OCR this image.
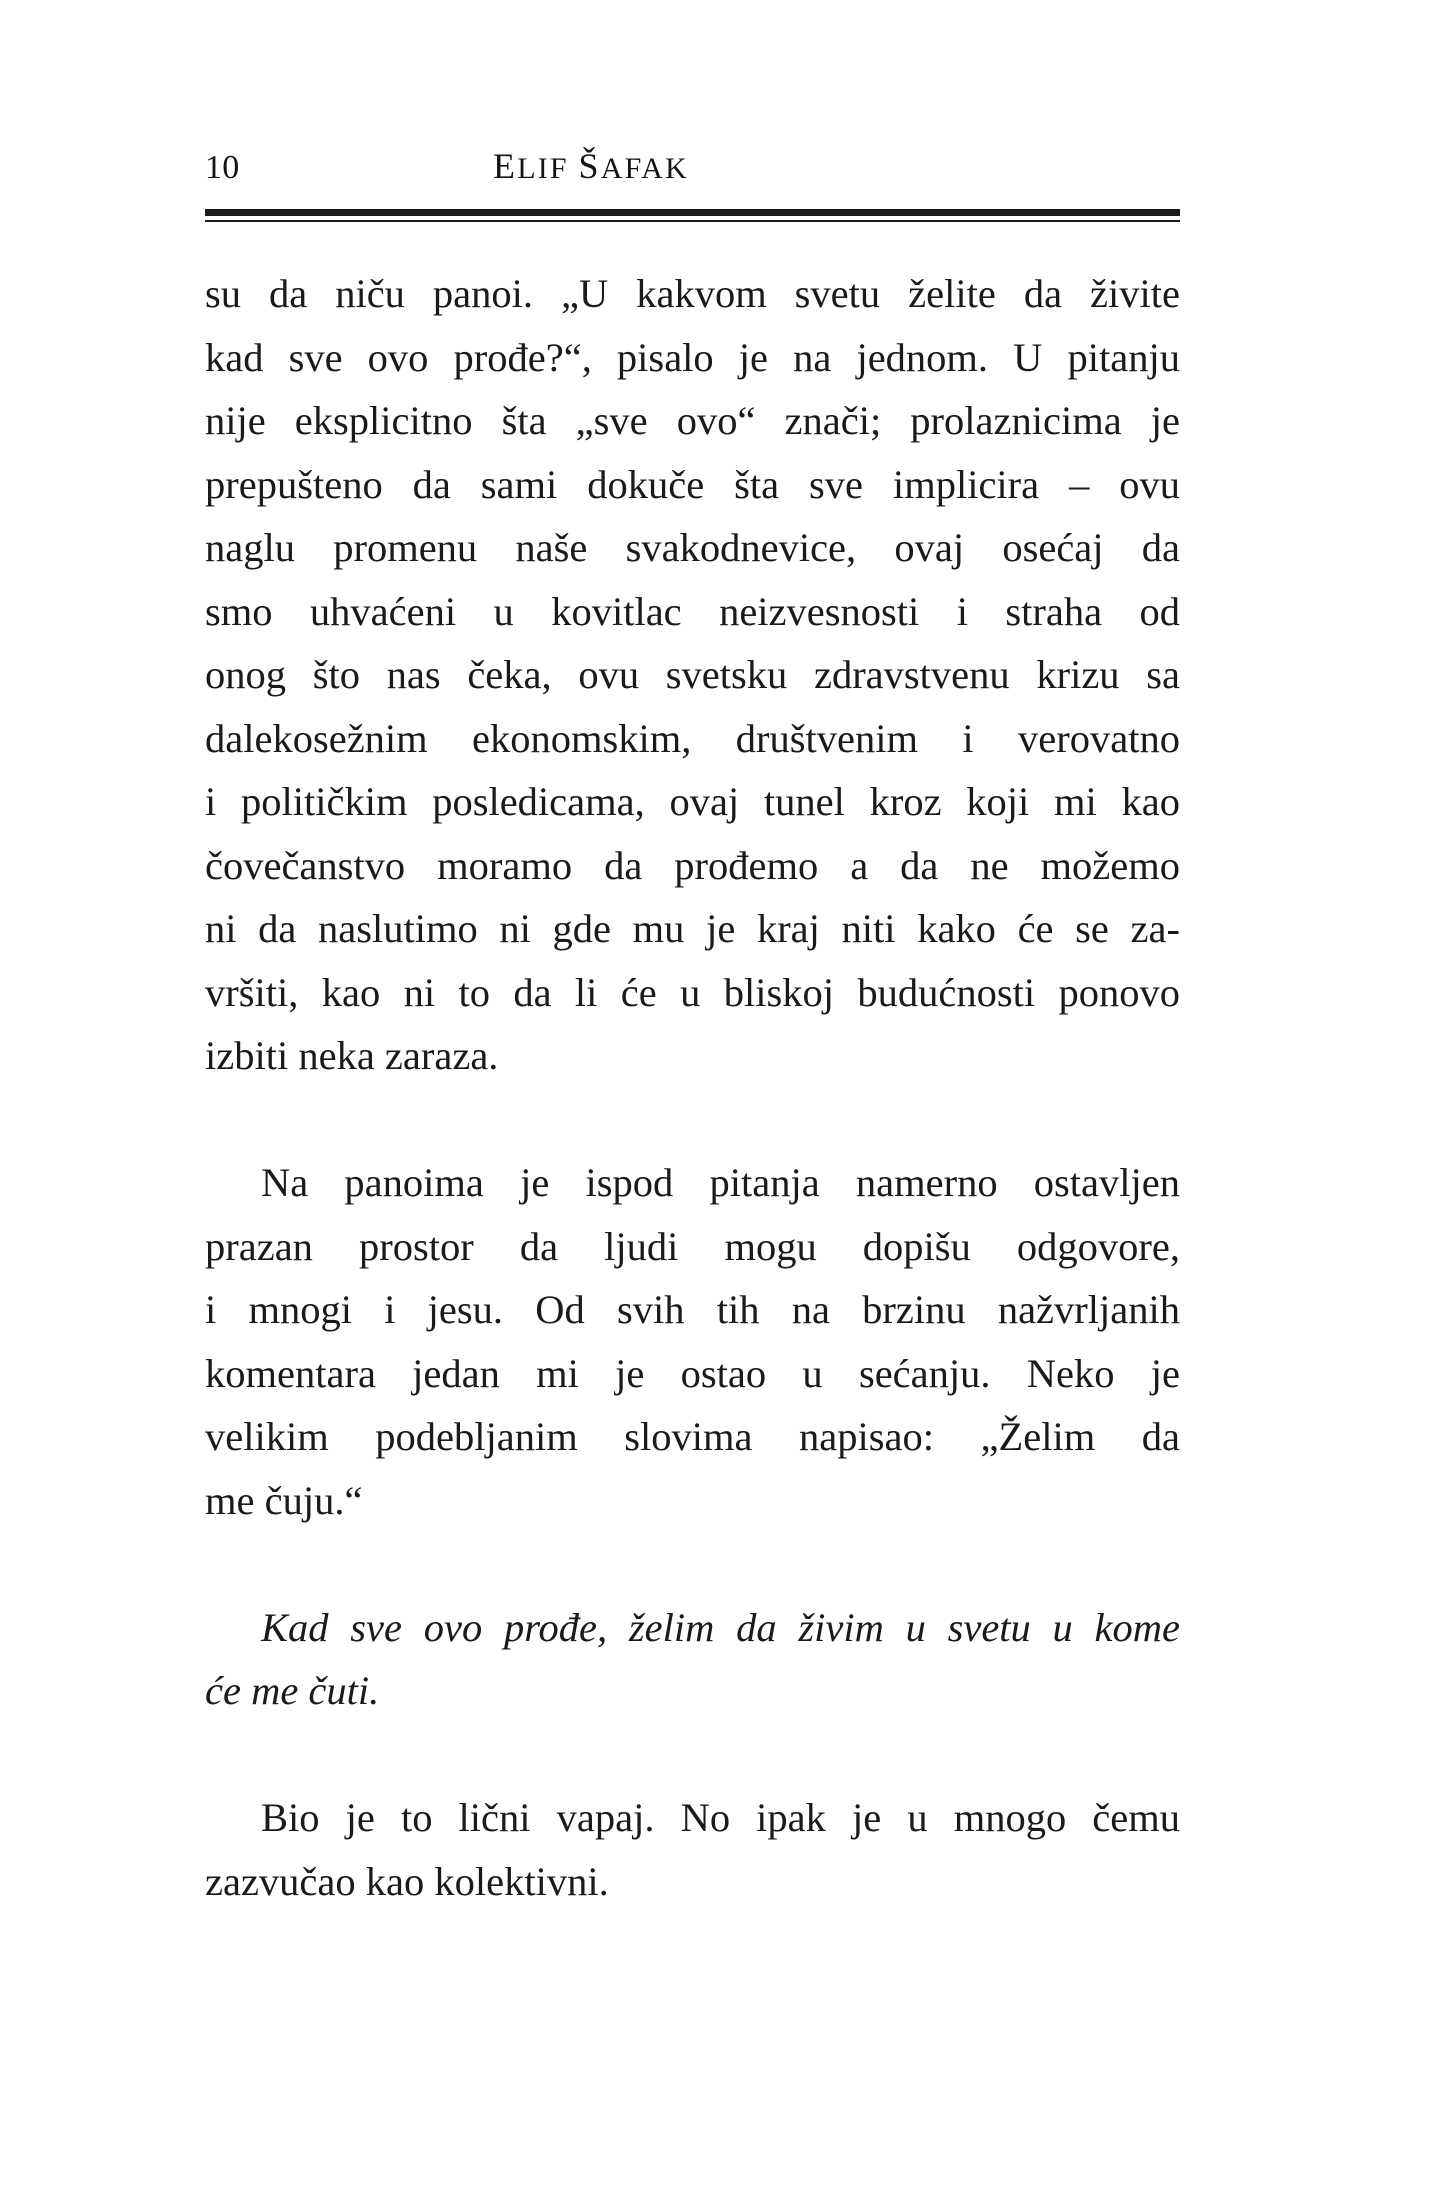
10	ELIF ŠAFAK

su da niču panoi. „U kakvom svetu želite da živite
kad sve ovo prođe?“, pisalo je na jednom. U pitanju
nije eksplicitno šta „sve ovo“ znači; prolaznicima je
prepušteno da sami dokuče šta sve implicira – ovu
naglu promenu naše svakodnevice, ovaj osećaj da
smo uhvaćeni u kovitlac neizvesnosti i straha od
onog što nas čeka, ovu svetsku zdravstvenu krizu sa
dalekosežnim ekonomskim, društvenim i verovatno
i političkim posledicama, ovaj tunel kroz koji mi kao
čovečanstvo moramo da prođemo a da ne možemo
ni da naslutimo ni gde mu je kraj niti kako će se za-
vršiti, kao ni to da li će u bliskoj budućnosti ponovo
izbiti neka zaraza.

Na panoima je ispod pitanja namerno ostavljen
prazan prostor da ljudi mogu dopišu odgovore,
i mnogi i jesu. Od svih tih na brzinu nažvrljanih
komentara jedan mi je ostao u sećanju. Neko je
velikim podebljanim slovima napisao: „Želim da
me čuju.“

Kad sve ovo prođe, želim da živim u svetu u kome
će me čuti.

Bio je to lični vapaj. No ipak je u mnogo čemu
zazvučao kao kolektivni.
